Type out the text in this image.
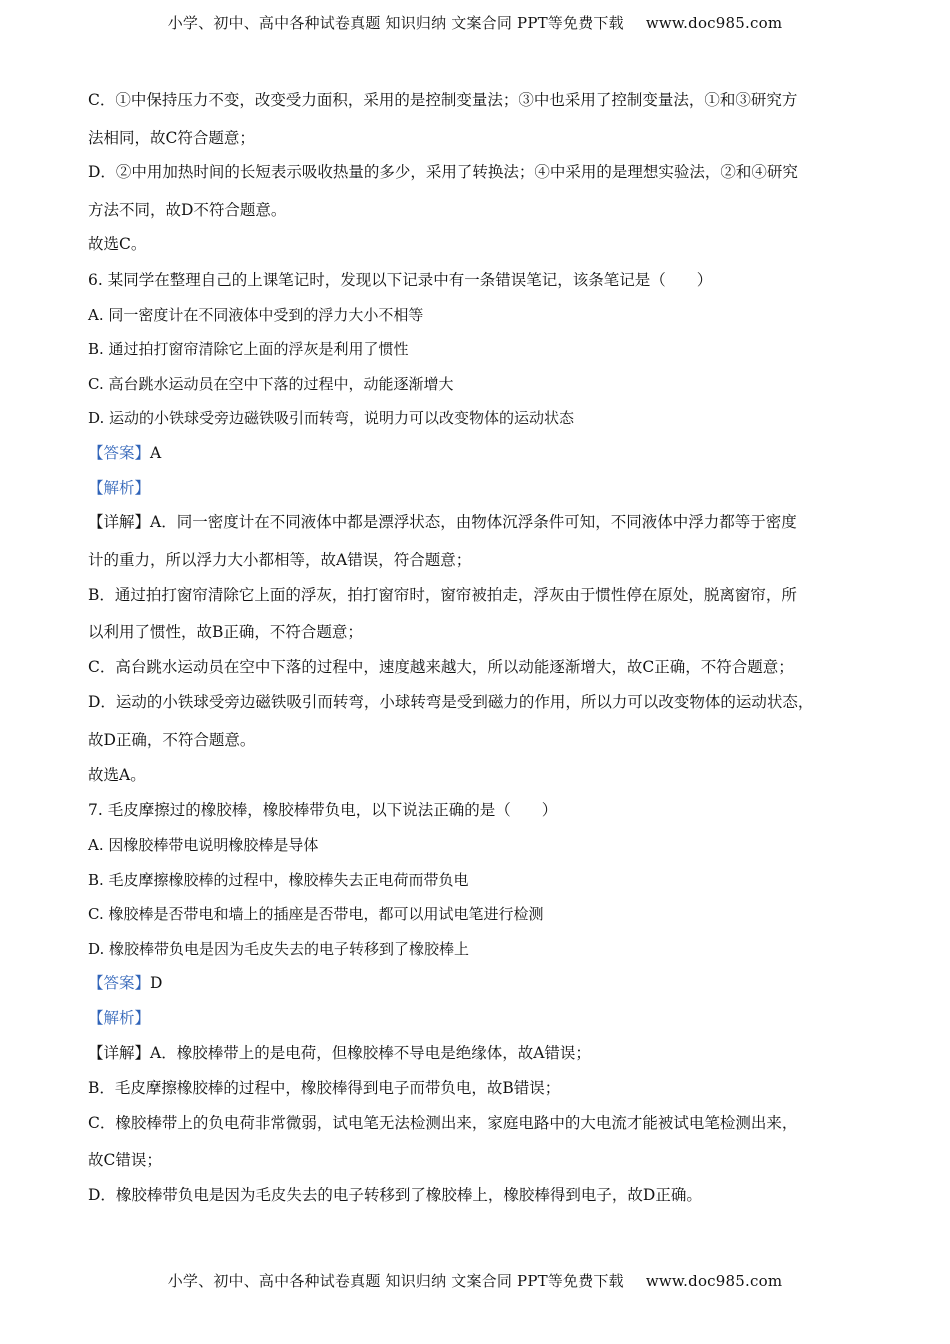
小学、初中、高中各种试卷真题 知识归纳 文案合同 PPT等免费下载 www.doc985.com
C．①中保持压力不变，改变受力面积，采用的是控制变量法；③中也采用了控制变量法，①和③研究方
法相同，故C符合题意；
D．②中用加热时间的长短表示吸收热量的多少，采用了转换法；④中采用的是理想实验法，②和④研究
方法不同，故D不符合题意。
故选C。
6. 某同学在整理自己的上课笔记时，发现以下记录中有一条错误笔记，该条笔记是（　　）
A. 同一密度计在不同液体中受到的浮力大小不相等
B. 通过拍打窗帘清除它上面的浮灰是利用了惯性
C. 高台跳水运动员在空中下落的过程中，动能逐渐增大
D. 运动的小铁球受旁边磁铁吸引而转弯，说明力可以改变物体的运动状态
【答案】A
【解析】
【详解】A．同一密度计在不同液体中都是漂浮状态，由物体沉浮条件可知，不同液体中浮力都等于密度
计的重力，所以浮力大小都相等，故A错误，符合题意；
B．通过拍打窗帘清除它上面的浮灰，拍打窗帘时，窗帘被拍走，浮灰由于惯性停在原处，脱离窗帘，所
以利用了惯性，故B正确，不符合题意；
C．高台跳水运动员在空中下落的过程中，速度越来越大，所以动能逐渐增大，故C正确，不符合题意；
D．运动的小铁球受旁边磁铁吸引而转弯，小球转弯是受到磁力的作用，所以力可以改变物体的运动状态，
故D正确，不符合题意。
故选A。
7. 毛皮摩擦过的橡胶棒，橡胶棒带负电，以下说法正确的是（　　）
A. 因橡胶棒带电说明橡胶棒是导体
B. 毛皮摩擦橡胶棒的过程中，橡胶棒失去正电荷而带负电
C. 橡胶棒是否带电和墙上的插座是否带电，都可以用试电笔进行检测
D. 橡胶棒带负电是因为毛皮失去的电子转移到了橡胶棒上
【答案】D
【解析】
【详解】A．橡胶棒带上的是电荷，但橡胶棒不导电是绝缘体，故A错误；
B．毛皮摩擦橡胶棒的过程中，橡胶棒得到电子而带负电，故B错误；
C．橡胶棒带上的负电荷非常微弱，试电笔无法检测出来，家庭电路中的大电流才能被试电笔检测出来，
故C错误；
D．橡胶棒带负电是因为毛皮失去的电子转移到了橡胶棒上，橡胶棒得到电子，故D正确。
小学、初中、高中各种试卷真题 知识归纳 文案合同 PPT等免费下载 www.doc985.com
